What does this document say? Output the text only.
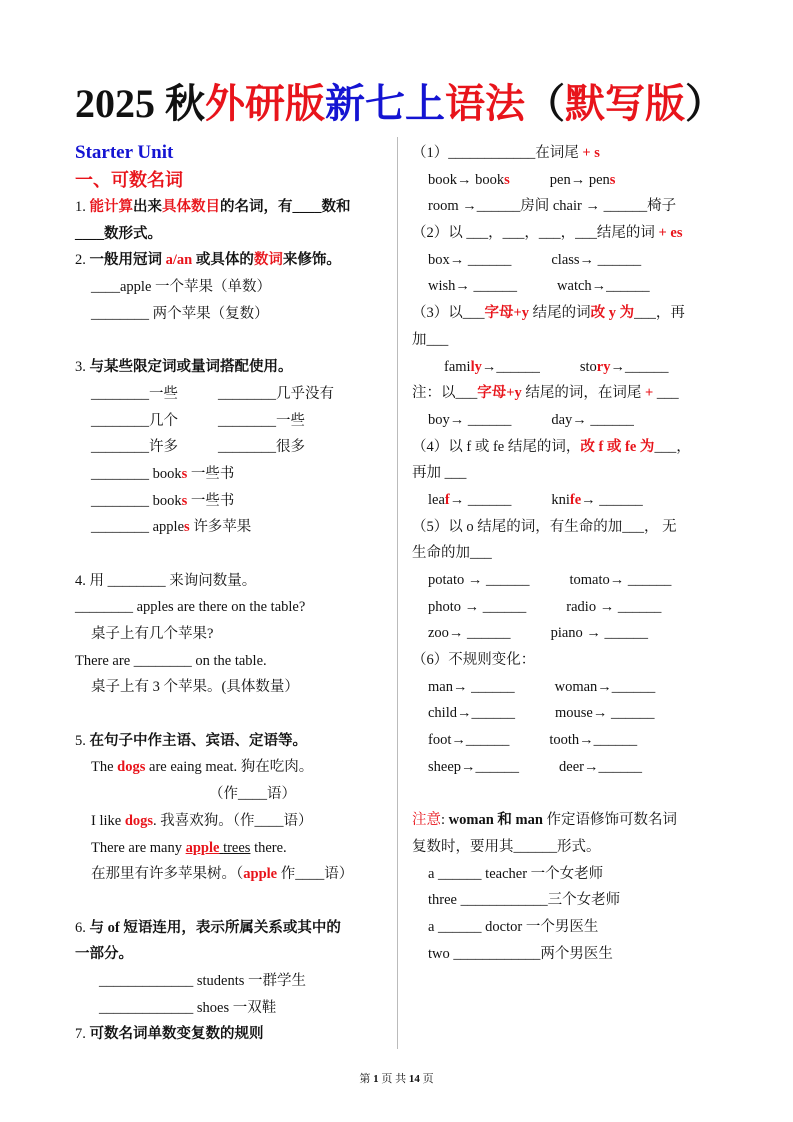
2025 秋外研版新七上语法（默写版）
Starter Unit
一、可数名词
1. 能计算出来具体数目的名词，有____数和
____数形式。
2. 一般用冠词 a/an 或具体的数词来修饰。
____apple 一个苹果（单数）
________ 两个苹果（复数）
3. 与某些限定词或量词搭配使用。
________一些	________几乎没有
________几个	________一些
________许多	________很多
________ books 一些书
________ books 一些书
________ apples 许多苹果
4. 用 ________ 来询问数量。
________ apples are there on the table?
桌子上有几个苹果?
There are ________ on the table.
桌子上有 3 个苹果。(具体数量）
5. 在句子中作主语、宾语、定语等。
The dogs are eaing meat. 狗在吃肉。
（作____语）
I like dogs. 我喜欢狗。（作____语）
There are many apple trees there.
在那里有许多苹果树。（apple 作____语）
6. 与 of 短语连用，表示所属关系或其中的
一部分。
_____________ students 一群学生
_____________ shoes 一双鞋
7. 可数名词单数变复数的规则
（1）____________在词尾 + s
book→ books	pen→ pens
room →______房间 chair → ______椅子
（2）以 ___，___，___，___结尾的词 + es
box→ ______	class→ ______
wish→ ______	watch→______
（3）以___字母+y 结尾的词改 y 为___，再
加___
family→______	story→______
注：以___字母+y 结尾的词，在词尾 + ___
boy→ ______	day→ ______
（4）以 f 或 fe 结尾的词，改 f 或 fe 为___，
再加 ___
leaf→ ______	knife→ ______
（5）以 o 结尾的词，有生命的加___， 无
生命的加___
potato → ______	tomato→ ______
photo → ______	radio → ______
zoo→ ______	piano → ______
（6）不规则变化：
man→ ______	woman→______
child→______	mouse→ ______
foot→______	tooth→______
sheep→______	deer→______
注意: woman 和 man 作定语修饰可数名词
复数时，要用其______形式。
a ______ teacher 一个女老师
three ____________三个女老师
a ______ doctor 一个男医生
two ____________两个男医生
第 1 页 共 14 页
